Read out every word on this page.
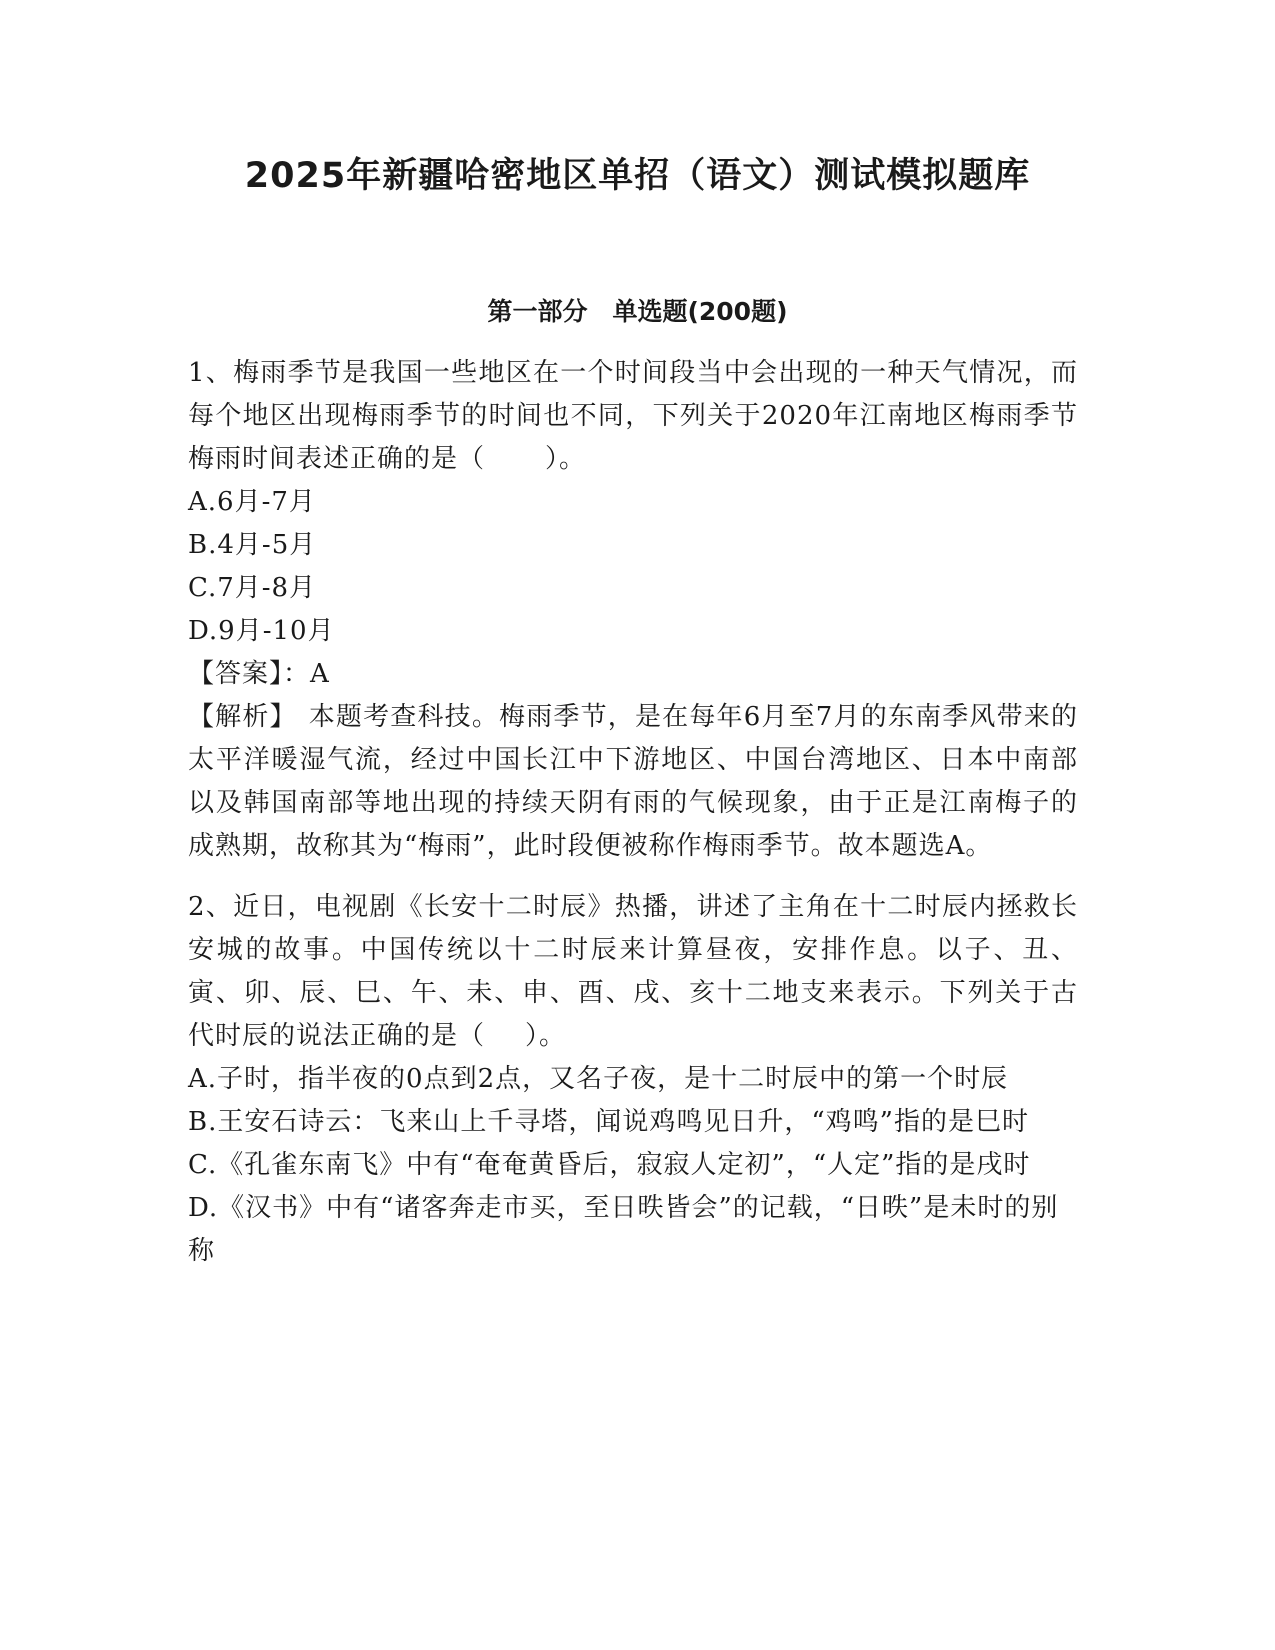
2025年新疆哈密地区单招（语文）测试模拟题库
第一部分　单选题(200题)

1、梅雨季节是我国一些地区在一个时间段当中会出现的一种天气情况，而每个地区出现梅雨季节的时间也不同，下列关于2020年江南地区梅雨季节梅雨时间表述正确的是（ ）。

A.6月-7月

B.4月-5月

C.7月-8月

D.9月-10月

【答案】：A

【解析】 本题考查科技。梅雨季节，是在每年6月至7月的东南季风带来的太平洋暖湿气流，经过中国长江中下游地区、中国台湾地区、日本中南部以及韩国南部等地出现的持续天阴有雨的气候现象，由于正是江南梅子的成熟期，故称其为“梅雨”，此时段便被称作梅雨季节。故本题选A。

2、近日，电视剧《长安十二时辰》热播，讲述了主角在十二时辰内拯救长安城的故事。中国传统以十二时辰来计算昼夜，安排作息。以子、丑、寅、卯、辰、巳、午、未、申、酉、戌、亥十二地支来表示。下列关于古代时辰的说法正确的是（ ）。

A.子时，指半夜的0点到2点，又名子夜，是十二时辰中的第一个时辰

B.王安石诗云：飞来山上千寻塔，闻说鸡鸣见日升，“鸡鸣”指的是巳时

C.《孔雀东南飞》中有“奄奄黄昏后，寂寂人定初”，“人定”指的是戌时

D.《汉书》中有“诸客奔走市买，至日昳皆会”的记载，“日昳”是未时的别称
